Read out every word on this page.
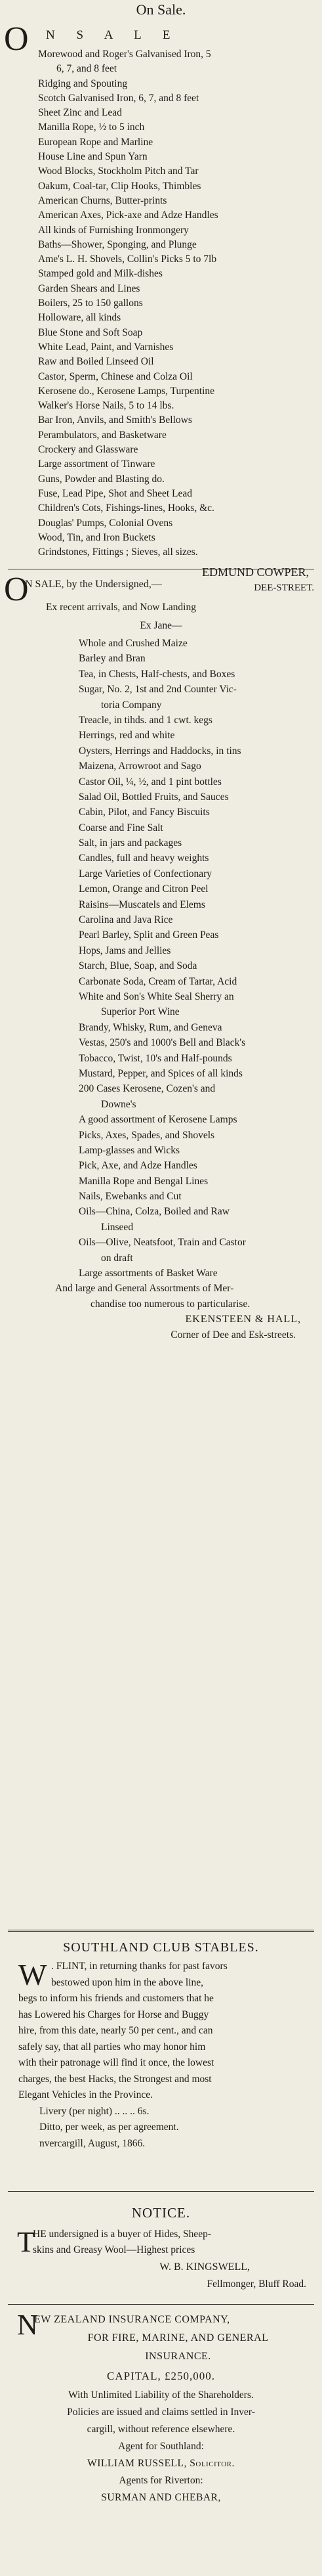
On Sale.
O N S A L E
Morewood and Roger's Galvanised Iron, 5
6, 7, and 8 feet
Ridging and Spouting
Scotch Galvanised Iron, 6, 7, and 8 feet
Sheet Zinc and Lead
Manilla Rope, ½ to 5 inch
European Rope and Marline
House Line and Spun Yarn
Wood Blocks, Stockholm Pitch and Tar
Oakum, Coal-tar, Clip Hooks, Thimbles
American Churns, Butter-prints
American Axes, Pick-axe and Adze Handles
All kinds of Furnishing Ironmongery
Baths—Shower, Sponging, and Plunge
Ame's L. H. Shovels, Collin's Picks 5 to 7lb
Stamped gold and Milk-dishes
Garden Shears and Lines
Boilers, 25 to 150 gallons
Holloware, all kinds
Blue Stone and Soft Soap
White Lead, Paint, and Varnishes
Raw and Boiled Linseed Oil
Castor, Sperm, Chinese and Colza Oil
Kerosene do., Kerosene Lamps, Turpentine
Walker's Horse Nails, 5 to 14 lbs.
Bar Iron, Anvils, and Smith's Bellows
Perambulators, and Basketware
Crockery and Glassware
Large assortment of Tinware
Guns, Powder and Blasting do.
Fuse, Lead Pipe, Shot and Sheet Lead
Children's Cots, Fishings-lines, Hooks, &c.
Douglas' Pumps, Colonial Ovens
Wood, Tin, and Iron Buckets
Grindstones, Fittings ; Sieves, all sizes.
EDMUND COWPER,
DEE-STREET.
O
N SALE, by the Undersigned,—
Ex recent arrivals, and Now Landing
Ex Jane—
Whole and Crushed Maize
Barley and Bran
Tea, in Chests, Half-chests, and Boxes
Sugar, No. 2, 1st and 2nd Counter Vic-
toria Company
Treacle, in tihds. and 1 cwt. kegs
Herrings, red and white
Oysters, Herrings and Haddocks, in tins
Maizena, Arrowroot and Sago
Castor Oil, ¼, ½, and 1 pint bottles
Salad Oil, Bottled Fruits, and Sauces
Cabin, Pilot, and Fancy Biscuits
Coarse and Fine Salt
Salt, in jars and packages
Candles, full and heavy weights
Large Varieties of Confectionary
Lemon, Orange and Citron Peel
Raisins—Muscatels and Elems
Carolina and Java Rice
Pearl Barley, Split and Green Peas
Hops, Jams and Jellies
Starch, Blue, Soap, and Soda
Carbonate Soda, Cream of Tartar, Acid
White and Son's White Seal Sherry an
Superior Port Wine
Brandy, Whisky, Rum, and Geneva
Vestas, 250's and 1000's Bell and Black's
Tobacco, Twist, 10's and Half-pounds
Mustard, Pepper, and Spices of all kinds
200 Cases Kerosene, Cozen's and
Downe's
A good assortment of Kerosene Lamps
Picks, Axes, Spades, and Shovels
Lamp-glasses and Wicks
Pick, Axe, and Adze Handles
Manilla Rope and Bengal Lines
Nails, Ewebanks and Cut
Oils—China, Colza, Boiled and Raw
Linseed
Oils—Olive, Neatsfoot, Train and Castor
on draft
Large assortments of Basket Ware
And large and General Assortments of Mer-
chandise too numerous to particularise.
EKENSTEEN & HALL,
Corner of Dee and Esk-streets.
SOUTHLAND CLUB STABLES.
W . FLINT, in returning thanks for past favors
bestowed upon him in the above line,
begs to inform his friends and customers that he
has Lowered his Charges for Horse and Buggy
hire, from this date, nearly 50 per cent., and can
safely say, that all parties who may honor him
with their patronage will find it once, the lowest
charges, the best Hacks, the Strongest and most
Elegant Vehicles in the Province.
Livery (per night) .. .. .. 6s.
Ditto, per week, as per agreement.
nvercargill, August, 1866.
NOTICE.
T
HE undersigned is a buyer of Hides, Sheep-
skins and Greasy Wool—Highest prices
W. B. KINGSWELL,
Fellmonger, Bluff Road.
N
EW ZEALAND INSURANCE COMPANY,
FOR FIRE, MARINE, AND GENERAL
INSURANCE.
CAPITAL, £250,000.
With Unlimited Liability of the Shareholders.
Policies are issued and claims settled in Inver-
cargill, without reference elsewhere.
Agent for Southland:
WILLIAM RUSSELL, Solicitor.
Agents for Riverton:
SURMAN AND CHEBAR,
